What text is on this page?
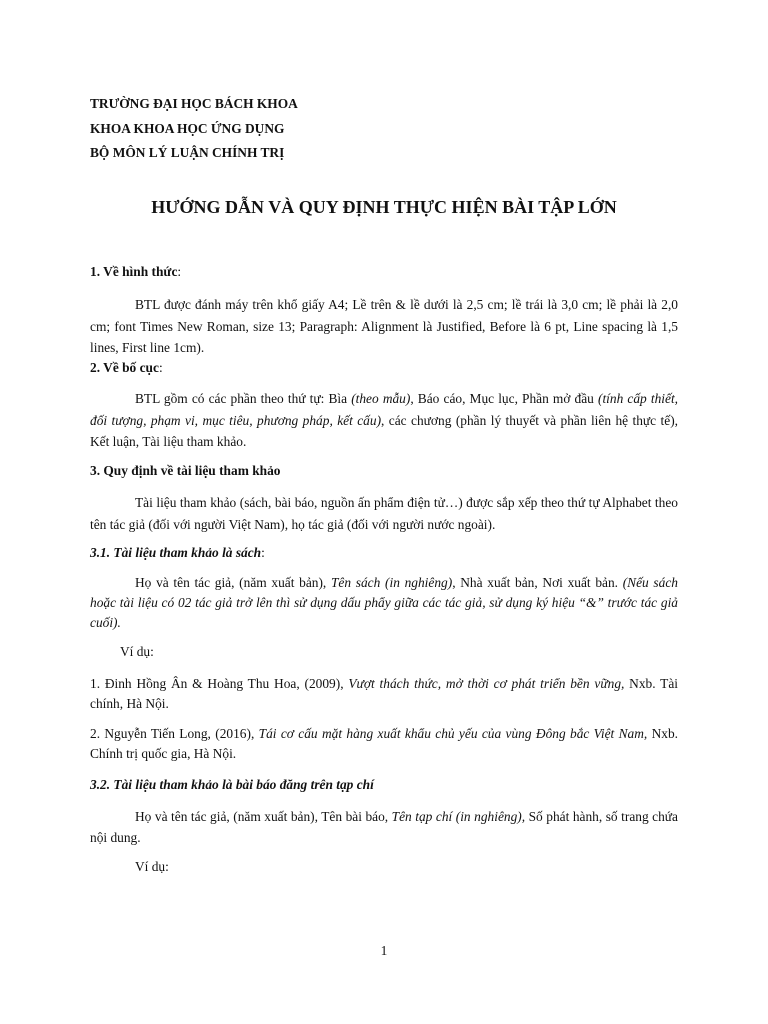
TRƯỜNG ĐẠI HỌC BÁCH KHOA
KHOA KHOA HỌC ỨNG DỤNG
BỘ MÔN LÝ LUẬN CHÍNH TRỊ
HƯỚNG DẪN VÀ QUY ĐỊNH THỰC HIỆN BÀI TẬP LỚN
1. Về hình thức:
BTL được đánh máy trên khổ giấy A4; Lề trên & lề dưới là 2,5 cm; lề trái là 3,0 cm; lề phải là 2,0 cm; font Times New Roman, size 13; Paragraph: Alignment là Justified, Before là 6 pt, Line spacing là 1,5 lines, First line 1cm).
2. Về bố cục:
BTL gồm có các phần theo thứ tự: Bìa (theo mẫu), Báo cáo, Mục lục, Phần mở đầu (tính cấp thiết, đối tượng, phạm vi, mục tiêu, phương pháp, kết cấu), các chương (phần lý thuyết và phần liên hệ thực tế), Kết luận, Tài liệu tham khảo.
3. Quy định về tài liệu tham khảo
Tài liệu tham khảo (sách, bài báo, nguồn ấn phẩm điện tử…) được sắp xếp theo thứ tự Alphabet theo tên tác giả (đối với người Việt Nam), họ tác giả (đối với người nước ngoài).
3.1. Tài liệu tham khảo là sách:
Họ và tên tác giả, (năm xuất bản), Tên sách (in nghiêng), Nhà xuất bản, Nơi xuất bản. (Nếu sách hoặc tài liệu có 02 tác giả trở lên thì sử dụng dấu phẩy giữa các tác giả, sử dụng ký hiệu “&” trước tác giả cuối).
Ví dụ:
1. Đinh Hồng Ân & Hoàng Thu Hoa, (2009), Vượt thách thức, mở thời cơ phát triển bền vững, Nxb. Tài chính, Hà Nội.
2. Nguyễn Tiến Long, (2016), Tái cơ cấu mặt hàng xuất khẩu chủ yếu của vùng Đông bắc Việt Nam, Nxb. Chính trị quốc gia, Hà Nội.
3.2. Tài liệu tham khảo là bài báo đăng trên tạp chí
Họ và tên tác giả, (năm xuất bản), Tên bài báo, Tên tạp chí (in nghiêng), Số phát hành, số trang chứa nội dung.
Ví dụ:
1
